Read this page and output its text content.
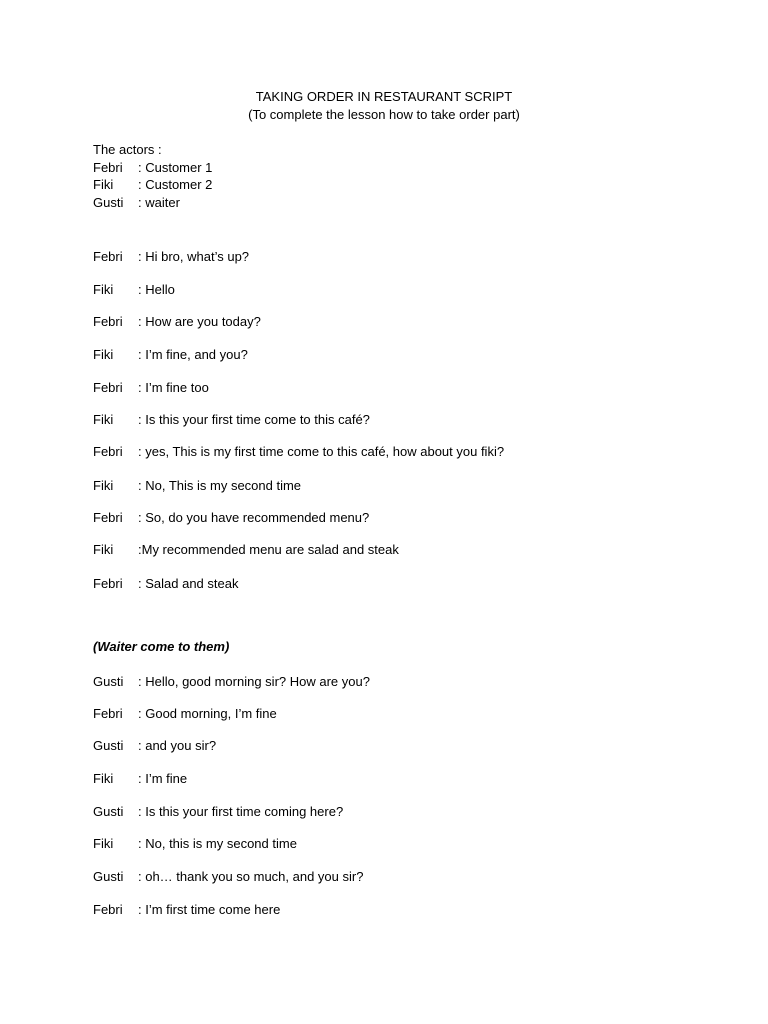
TAKING ORDER IN RESTAURANT SCRIPT
(To complete the lesson how to take order part)
The actors :
Febri	: Customer 1
Fiki	: Customer 2
Gusti	: waiter
Febri	: Hi bro, what’s up?
Fiki	: Hello
Febri	: How are you today?
Fiki	: I’m fine, and you?
Febri	: I’m fine too
Fiki	: Is this your first time come to this café?
Febri	: yes, This is my first time come to this café, how about you fiki?
Fiki	: No, This is my second time
Febri	: So, do you have recommended menu?
Fiki	:My recommended menu are salad and steak
Febri	: Salad and steak
(Waiter come to them)
Gusti	: Hello, good morning sir? How are you?
Febri	: Good morning, I’m fine
Gusti	: and you sir?
Fiki	: I’m fine
Gusti	: Is this your first time coming here?
Fiki	: No, this is my second time
Gusti	: oh… thank you so much, and you sir?
Febri	: I’m first time come here
